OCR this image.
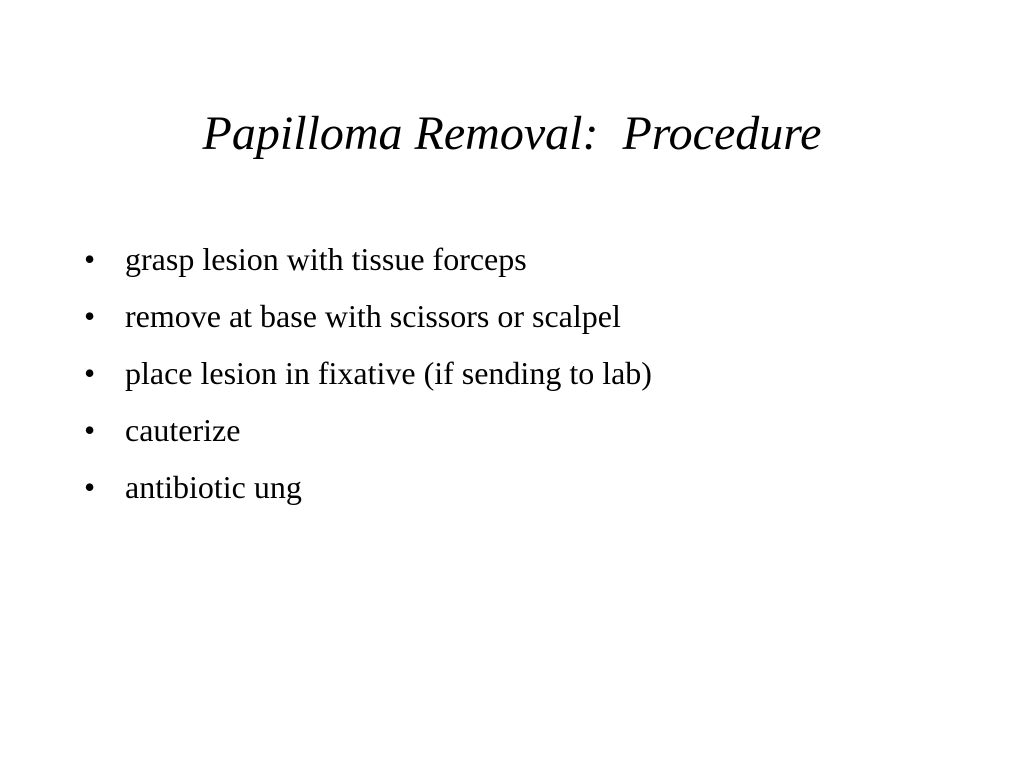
Papilloma Removal:  Procedure
• grasp lesion with tissue forceps
• remove at base with scissors or scalpel
• place lesion in fixative (if sending to lab)
• cauterize
• antibiotic ung
